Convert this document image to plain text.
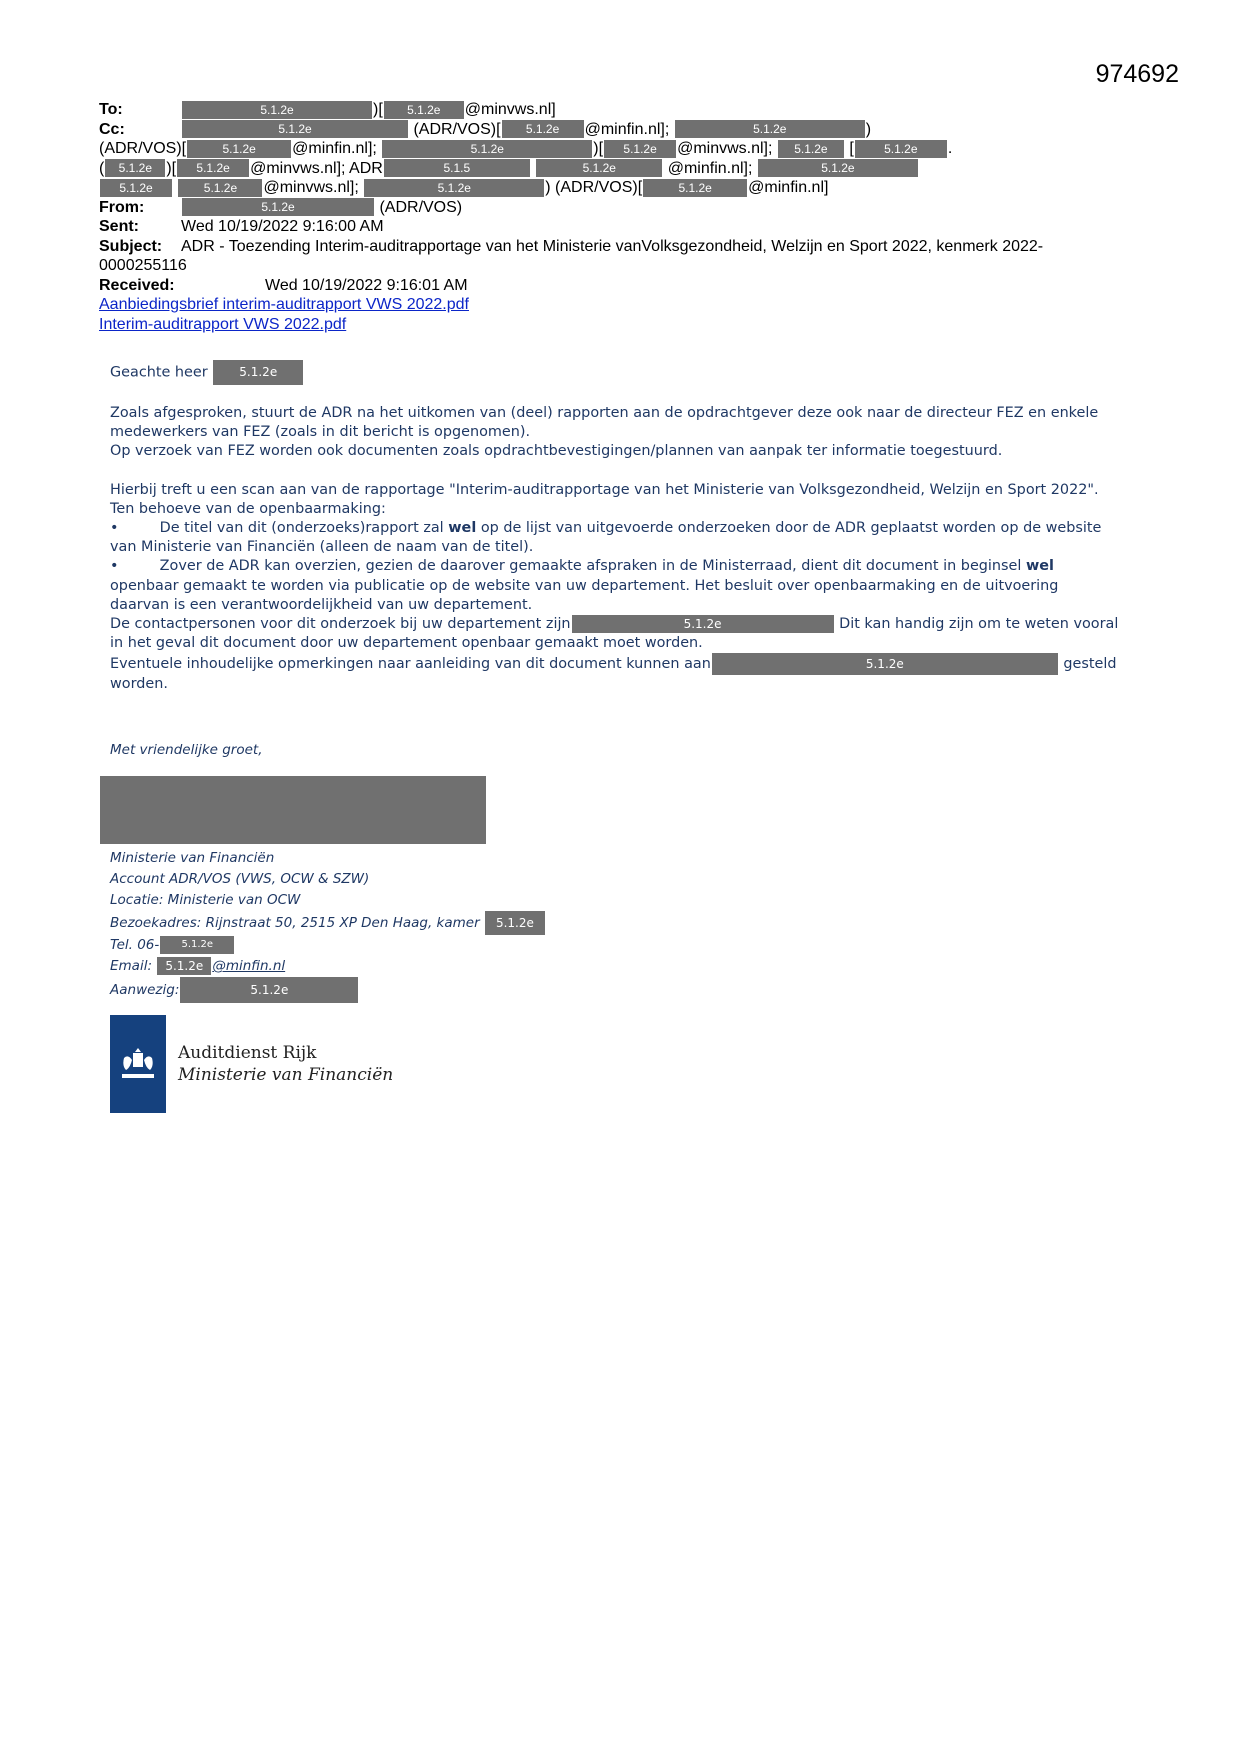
974692
To:	5.1.2e	)[ 5.1.2e @minvws.nl]
Cc:	5.1.2e	(ADR/VOS)[ 5.1.2e @minfin.nl];	5.1.2e	)
(ADR/VOS)[	5.1.2e @minfin.nl];	5.1.2e	)[ 5.1.2e @minvws.nl]; 5.1.2e [	5.1.2e .
( 5.1.2e )[ 5.1.2e @minvws.nl]; ADR	5.1.5	5.1.2e	@minfin.nl];	5.1.2e
5.1.2e	5.1.2e @minvws.nl];	5.1.2e	) (ADR/VOS)[	5.1.2e @minfin.nl]
From:	5.1.2e	(ADR/VOS)
Sent:	Wed 10/19/2022 9:16:00 AM
Subject: ADR - Toezending Interim-auditrapportage van het Ministerie vanVolksgezondheid, Welzijn en Sport 2022, kenmerk 2022-
0000255116
Received:	Wed 10/19/2022 9:16:01 AM
Aanbiedingsbrief interim-auditrapport VWS 2022.pdf
Interim-auditrapport VWS 2022.pdf

Geachte heer	5.1.2e

Zoals afgesproken, stuurt de ADR na het uitkomen van (deel) rapporten aan de opdrachtgever deze ook naar de directeur FEZ en enkele medewerkers van FEZ (zoals in dit bericht is opgenomen).

Op verzoek van FEZ worden ook documenten zoals opdrachtbevestigingen/plannen van aanpak ter informatie toegestuurd.

Hierbij treft u een scan aan van de rapportage "Interim-auditrapportage van het Ministerie van Volksgezondheid, Welzijn en Sport 2022".

Ten behoeve van de openbaarmaking:

•	De titel van dit (onderzoeks)rapport zal wel op de lijst van uitgevoerde onderzoeken door de ADR geplaatst worden op de website van Ministerie van Financiën (alleen de naam van de titel).

•	Zover de ADR kan overzien, gezien de daarover gemaakte afspraken in de Ministerraad, dient dit document in beginsel wel openbaar gemaakt te worden via publicatie op de website van uw departement. Het besluit over openbaarmaking en de uitvoering daarvan is een verantwoordelijkheid van uw departement.

De contactpersonen voor dit onderzoek bij uw departement zijn	5.1.2e	Dit kan handig zijn om te weten vooral in het geval dit document door uw departement openbaar gemaakt moet worden.

Eventuele inhoudelijke opmerkingen naar aanleiding van dit document kunnen aan	5.1.2e	gesteld worden.

Met vriendelijke groet,
Ministerie van Financiën
Account ADR/VOS (VWS, OCW & SZW)
Locatie: Ministerie van OCW
Bezoekadres: Rijnstraat 50, 2515 XP Den Haag, kamer 5.1.2e
Tel. 06- 5.1.2e
Email: 5.1.2e @minfin.nl
Aanwezig:	5.1.2e
Auditdienst Rijk
Ministerie van Financiën
